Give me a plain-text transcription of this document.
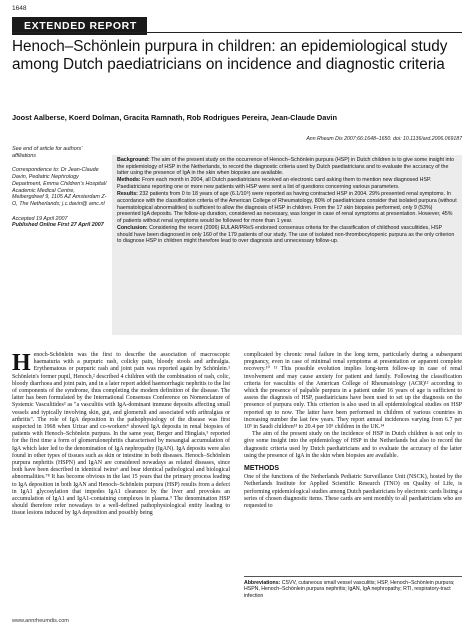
1648
EXTENDED REPORT
Henoch–Schönlein purpura in children: an epidemiological study among Dutch paediatricians on incidence and diagnostic criteria
Joost Aalberse, Koerd Dolman, Gracita Ramnath, Rob Rodrigues Pereira, Jean-Claude Davin
Ann Rheum Dis 2007;66:1648–1650. doi: 10.1136/ard.2006.069187
See end of article for authors' affiliations
Correspondence to: Dr Jean-Claude Davin, Pediatric Nephrology Department, Emma Children's Hospital/ Academic Medical Centre, Meibergdreef 9, 1105 AZ Amsterdam Z-O, The Netherlands; j.c.davin@ amc.nl
Accepted 19 April 2007
Published Online First 27 April 2007

Background: The aim of the present study on the occurrence of Henoch–Schönlein purpura (HSP) in Dutch children is to give some insight into the epidemiology of HSP in the Netherlands, to record the diagnostic criteria used by Dutch paediatricians and to evaluate the accuracy of the latter using the presence of IgA in the skin when biopsies are available.

Methods: From each month in 2004, all Dutch paediatricians received an electronic card asking them to mention new diagnosed HSP. Paediatricians reporting one or more new patients with HSP were sent a list of questions concerning various parameters.

Results: 232 patients from 0 to 18 years of age (6.1/10⁵) were reported as having contracted HSP in 2004. 29% presented renal symptoms. In accordance with the classification criteria of the American College of Rheumatology, 80% of paediatricians consider that isolated purpura (without haematological abnormalities) is sufficient to allow the diagnosis of HSP in children. From the 17 skin biopsies performed, only 9 (53%) presented IgA deposits. The follow-up duration, considered as necessary, was longer in case of renal symptoms at presentation. However, 45% of patients without renal symptoms would be followed for more than 1 year.

Conclusion: Considering the recent (2006) EULAR/PReS endorsed consensus criteria for the classification of childhood vasculitides, HSP should have been diagnosed in only 160 of the 179 patients of our study. The use of isolated non-thrombocytopenic purpura as the only criterion to diagnose HSP in children might therefore lead to over diagnosis and unnecessary follow-up.

Henoch-Schönlein was the first to describe the association of macroscopic haematuria with a purpuric rash, colicky pain, bloody stools and arthralgia. Erythematous or purpuric rash and joint pain was reported again by Schönlein.¹ Schönlein's former pupil, Henoch,² described 4 children with the combination of rash, colic, bloody diarrhoea and joint pain, and in a later report added haemorrhagic nephritis to the list of components of the syndrome, thus completing the modern definition of the disease. The latter has been formulated by the International Consensus Conference on Nomenclature of Systemic Vasculitides³ as "a vasculitis with IgA-dominant immune deposits affecting small vessels and typically involving skin, gut, and glomeruli and associated with arthralgias or arthritis". The role of IgA deposition in the pathophysiology of the disease was first suspected in 1968 when Urizar and co-workers⁴ showed IgA deposits in renal biopsies of patients with Henoch–Schönlein purpura. In the same year, Berger and Hinglais,⁵ reported for the first time a form of glomerulonephritis characterised by mesangial accumulation of IgA which later led to the denomination of IgA nephropathy (IgAN). IgA deposits were also found in other types of tissues such as skin or intestine in both diseases. Henoch–Schönlein purpura nephritis (HSPN) and IgAN are considered nowadays as related diseases, since both have been described in identical twins⁶ and bear identical pathological and biological abnormalities.⁷⁸ It has become obvious in the last 15 years that the primary process leading to IgA deposition in both IgAN and Henoch–Schönlein purpura (HSP) results from a defect in IgA1 glycosylation that impedes IgA1 clearance by the liver and provokes an accumulation of IgA1 and IgA1-containing complexes in plasma.⁹ The denomination HSP should therefore refer nowadays to a well-defined pathophysiological entity leading to tissue lesions induced by IgA deposition and possibly being

complicated by chronic renal failure in the long term, particularly during a subsequent pregnancy, even in case of minimal renal symptoms at presentation or apparent complete recovery.¹⁰ ¹¹ This possible evolution implies long-term follow-up in case of renal involvement and may cause anxiety for patient and family. Following the classification criteria for vasculitis of the American College of Rheumatology (ACR)¹² according to which the presence of palpable purpura in a patient under 16 years of age is sufficient to assess the diagnosis of HSP, paediatricians have been used to set up the diagnosis on the presence of purpura only. This criterion is also used in all epidemiological studies on HSP reported up to now. The latter have been performed in children of various countries in increasing number the last few years. They report annual incidences varying from 6.7 per 10⁵ in Saudi children¹³ to 20.4 per 10⁵ children in the UK.¹⁴

The aim of the present study on the incidence of HSP in Dutch children is not only to give some insight into the epidemiology of HSP in the Netherlands but also to record the diagnostic criteria used by Dutch paediatricians and to evaluate the accuracy of the latter using the presence of IgA in the skin when biopsies are available.

METHODS

One of the functions of the Netherlands Pediatric Surveillance Unit (NSCK), hosted by the Netherlands Institute for Applied Scientific Research (TNO) on Quality of Life, is performing epidemiological studies among Dutch paediatricians by electronic cards listing a series of chosen diagnostic items. These cards are sent monthly to all paediatricians who are requested to

Abbreviations: CSVV, cutaneous small vessel vasculitis; HSP, Henoch–Schönlein purpura; HSPN, Henoch–Schönlein purpura nephritis; IgAN, IgA nephropathy; RTI, respiratory-tract infection
www.annrheumdis.com
